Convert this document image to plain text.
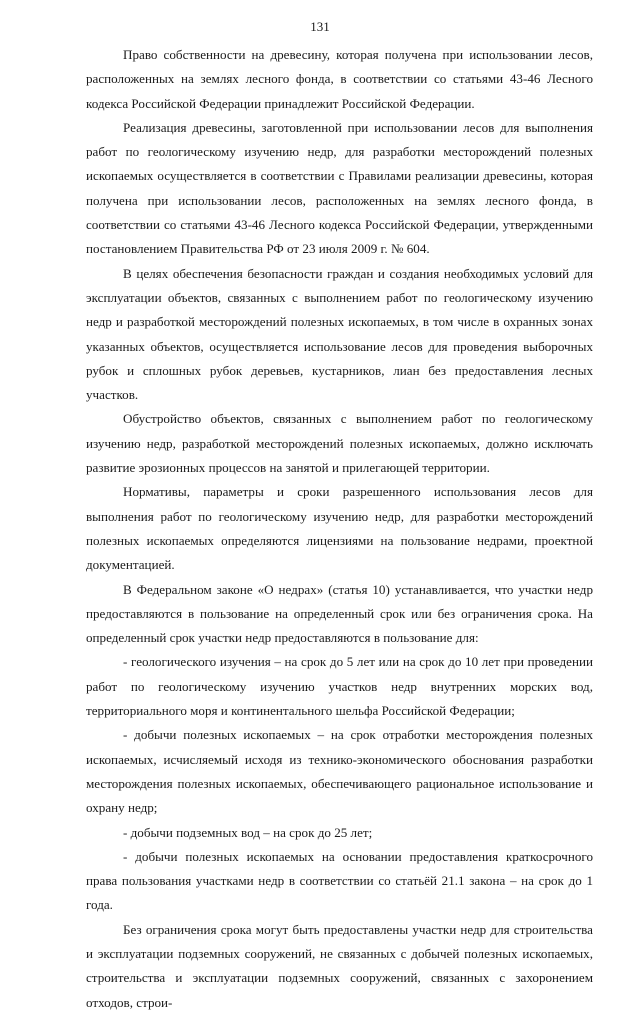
131

Право собственности на древесину, которая получена при использовании лесов, расположенных на землях лесного фонда, в соответствии со статьями 43-46 Лесного кодекса Российской Федерации принадлежит Российской Федерации.

Реализация древесины, заготовленной при использовании лесов для выполнения работ по геологическому изучению недр, для разработки месторождений полезных ископаемых осуществляется в соответствии с Правилами реализации древесины, которая получена при использовании лесов, расположенных на землях лесного фонда, в соответствии со статьями 43-46 Лесного кодекса Российской Федерации, утвержденными постановлением Правительства РФ от 23 июля 2009 г. № 604.

В целях обеспечения безопасности граждан и создания необходимых условий для эксплуатации объектов, связанных с выполнением работ по геологическому изучению недр и разработкой месторождений полезных ископаемых, в том числе в охранных зонах указанных объектов, осуществляется использование лесов для проведения выборочных рубок и сплошных рубок деревьев, кустарников, лиан без предоставления лесных участков.

Обустройство объектов, связанных с выполнением работ по геологическому изучению недр, разработкой месторождений полезных ископаемых, должно исключать развитие эрозионных процессов на занятой и прилегающей территории.

Нормативы, параметры и сроки разрешенного использования лесов для выполнения работ по геологическому изучению недр, для разработки месторождений полезных ископаемых определяются лицензиями на пользование недрами, проектной документацией.

В Федеральном законе «О недрах» (статья 10) устанавливается, что участки недр предоставляются в пользование на определенный срок или без ограничения срока. На определенный срок участки недр предоставляются в пользование для:

- геологического изучения – на срок до 5 лет или на срок до 10 лет при проведении работ по геологическому изучению участков недр внутренних морских вод, территориального моря и континентального шельфа Российской Федерации;

- добычи полезных ископаемых – на срок отработки месторождения полезных ископаемых, исчисляемый исходя из технико-экономического обоснования разработки месторождения полезных ископаемых, обеспечивающего рациональное использование и охрану недр;

- добычи подземных вод – на срок до 25 лет;

- добычи полезных ископаемых на основании предоставления краткосрочного права пользования участками недр в соответствии со статьёй 21.1 закона – на срок до 1 года.

Без ограничения срока могут быть предоставлены участки недр для строительства и эксплуатации подземных сооружений, не связанных с добычей полезных ископаемых, строительства и эксплуатации подземных сооружений, связанных с захоронением отходов, строи-
